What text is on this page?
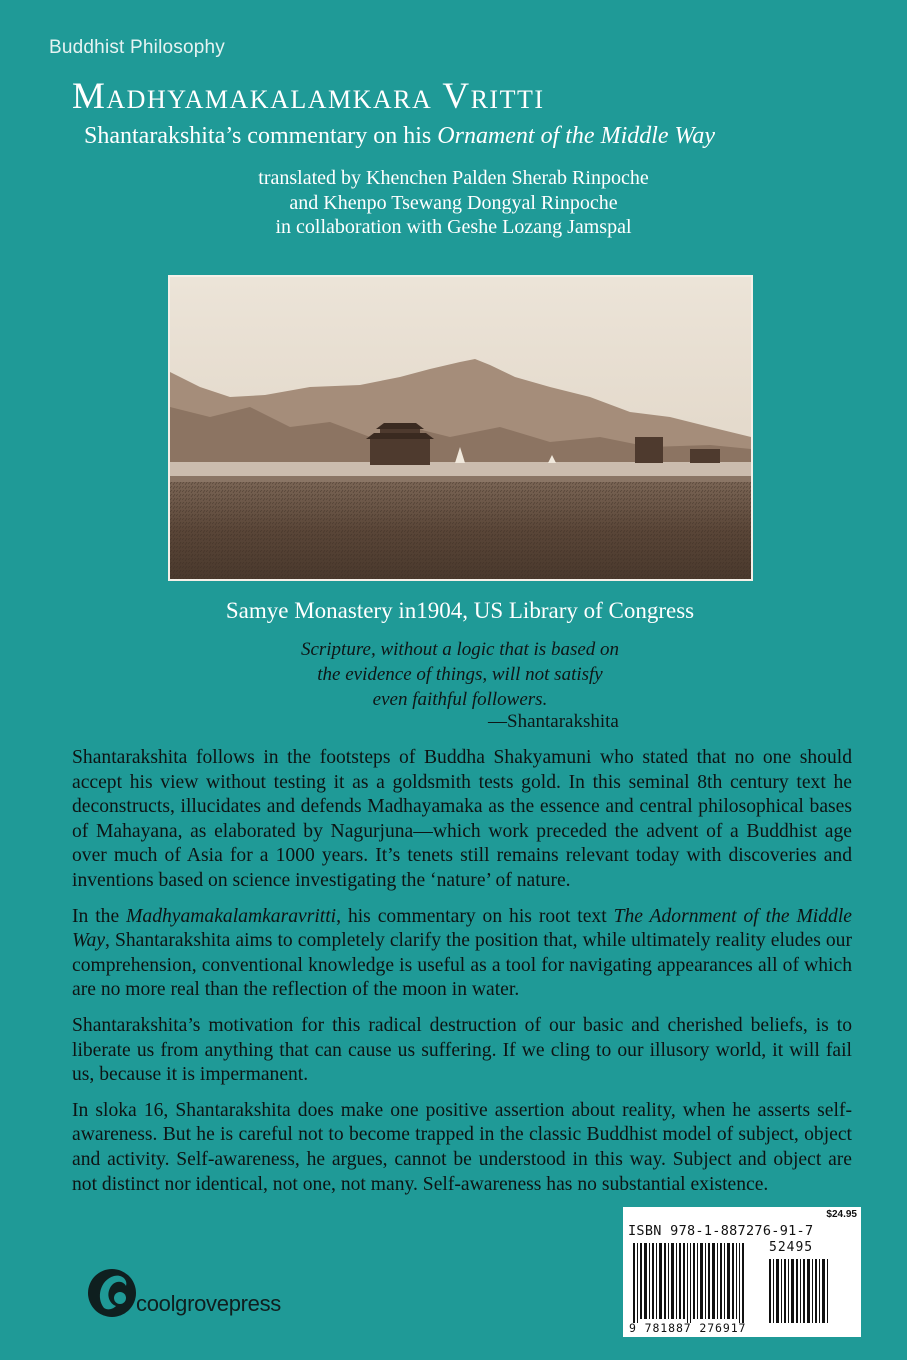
Buddhist Philosophy
Madhyamakalamkara Vritti

Shantarakshita’s commentary on his Ornament of the Middle Way

translated by Khenchen Palden Sherab Rinpoche
and Khenpo Tsewang Dongyal Rinpoche
in collaboration with Geshe Lozang Jamspal
Samye Monastery in1904, US Library of Congress
Scripture, without a logic that is based on
the evidence of things, will not satisfy
even faithful followers.
—Shantarakshita

Shantarakshita follows in the footsteps of Buddha Shakyamuni who stated that no one should accept his view without testing it as a goldsmith tests gold. In this seminal 8th century text he deconstructs, illucidates and defends Madhayamaka as the essence and central philosophical bases of Mahayana, as elaborated by Nagurjuna—which work preceded the advent of a Buddhist age over much of Asia for a 1000 years. It’s tenets still remains relevant today with discoveries and inventions based on science investigating the ‘nature’ of nature.

In the Madhyamakalamkaravritti, his commentary on his root text The Adornment of the Middle Way, Shantarakshita aims to completely clarify the position that, while ultimately reality eludes our comprehension, conventional knowledge is useful as a tool for navigating appearances all of which are no more real than the reflection of the moon in water.

Shantarakshita’s motivation for this radical destruction of our basic and cherished beliefs, is to liberate us from anything that can cause us suffering. If we cling to our illusory world, it will fail us, because it is impermanent.

In sloka 16, Shantarakshita does make one positive assertion about reality, when he asserts self-awareness. But he is careful not to become trapped in the classic Buddhist model of subject, object and activity. Self-awareness, he argues, cannot be understood in this way. Subject and object are not distinct nor identical, not one, not many. Self-awareness has no substantial existence.

$24.95
ISBN 978-1-887276-91-7
52495
9 781887 276917
coolgrovepress
